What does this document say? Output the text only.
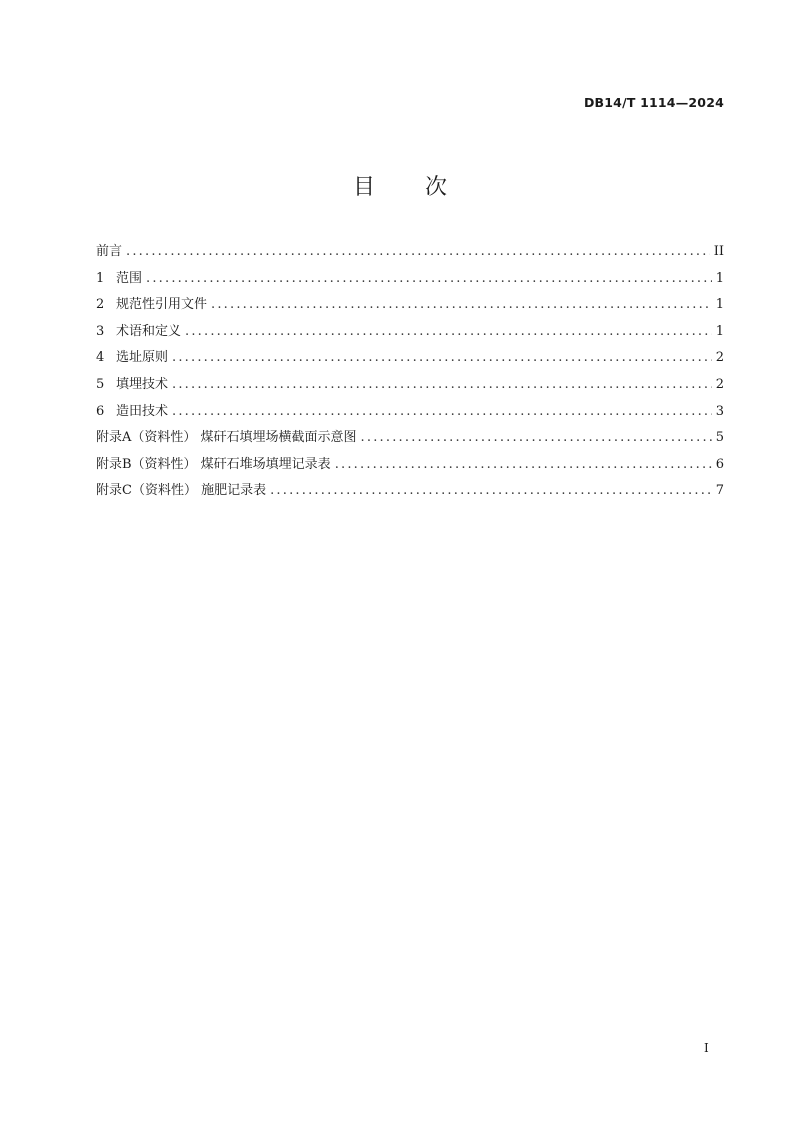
DB14/T 1114—2024
目 次
前言 .....	II
1 范围 .....	1
2 规范性引用文件 .....	1
3 术语和定义 .....	1
4 选址原则 .....	2
5 填埋技术 .....	2
6 造田技术 .....	3
附录A（资料性） 煤矸石填埋场横截面示意图 .....	5
附录B（资料性） 煤矸石堆场填埋记录表 .....	6
附录C（资料性） 施肥记录表 .....	7
I
